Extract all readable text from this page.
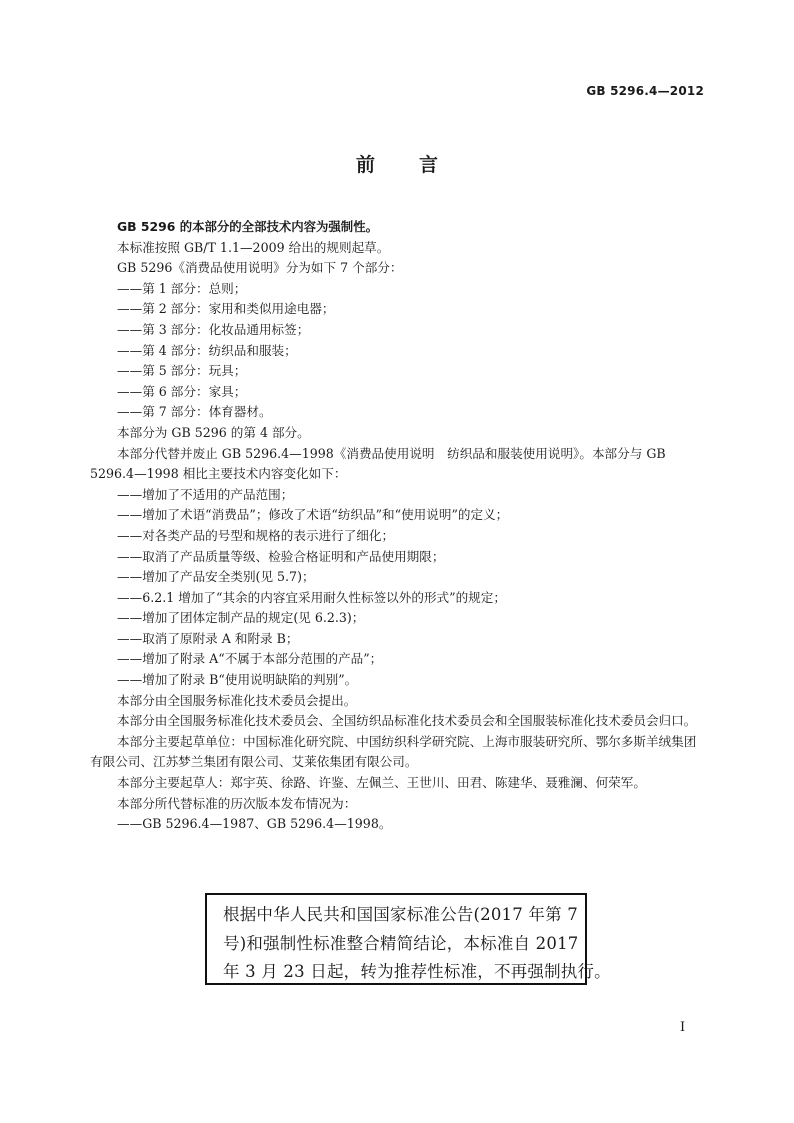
GB 5296.4—2012
前言

GB 5296 的本部分的全部技术内容为强制性。

本标准按照 GB/T 1.1—2009 给出的规则起草。

GB 5296《消费品使用说明》分为如下 7 个部分：

——第 1 部分：总则；

——第 2 部分：家用和类似用途电器；

——第 3 部分：化妆品通用标签；

——第 4 部分：纺织品和服装；

——第 5 部分：玩具；

——第 6 部分：家具；

——第 7 部分：体育器材。

本部分为 GB 5296 的第 4 部分。

本部分代替并废止 GB 5296.4—1998《消费品使用说明　纺织品和服装使用说明》。本部分与 GB 5296.4—1998 相比主要技术内容变化如下：

——增加了不适用的产品范围；

——增加了术语“消费品”；修改了术语“纺织品”和“使用说明”的定义；

——对各类产品的号型和规格的表示进行了细化；

——取消了产品质量等级、检验合格证明和产品使用期限；

——增加了产品安全类别(见 5.7)；

——6.2.1 增加了“其余的内容宜采用耐久性标签以外的形式”的规定；

——增加了团体定制产品的规定(见 6.2.3)；

——取消了原附录 A 和附录 B；

——增加了附录 A“不属于本部分范围的产品”；

——增加了附录 B“使用说明缺陷的判别”。

本部分由全国服务标准化技术委员会提出。

本部分由全国服务标准化技术委员会、全国纺织品标准化技术委员会和全国服装标准化技术委员会归口。

本部分主要起草单位：中国标准化研究院、中国纺织科学研究院、上海市服装研究所、鄂尔多斯羊绒集团有限公司、江苏梦兰集团有限公司、艾莱依集团有限公司。

本部分主要起草人：郑宇英、徐路、许鉴、左佩兰、王世川、田君、陈建华、聂雅澜、何荣军。

本部分所代替标准的历次版本发布情况为：

——GB 5296.4—1987、GB 5296.4—1998。

根据中华人民共和国国家标准公告(2017 年第 7
号)和强制性标准整合精简结论，本标准自 2017
年 3 月 23 日起，转为推荐性标准，不再强制执行。
I
